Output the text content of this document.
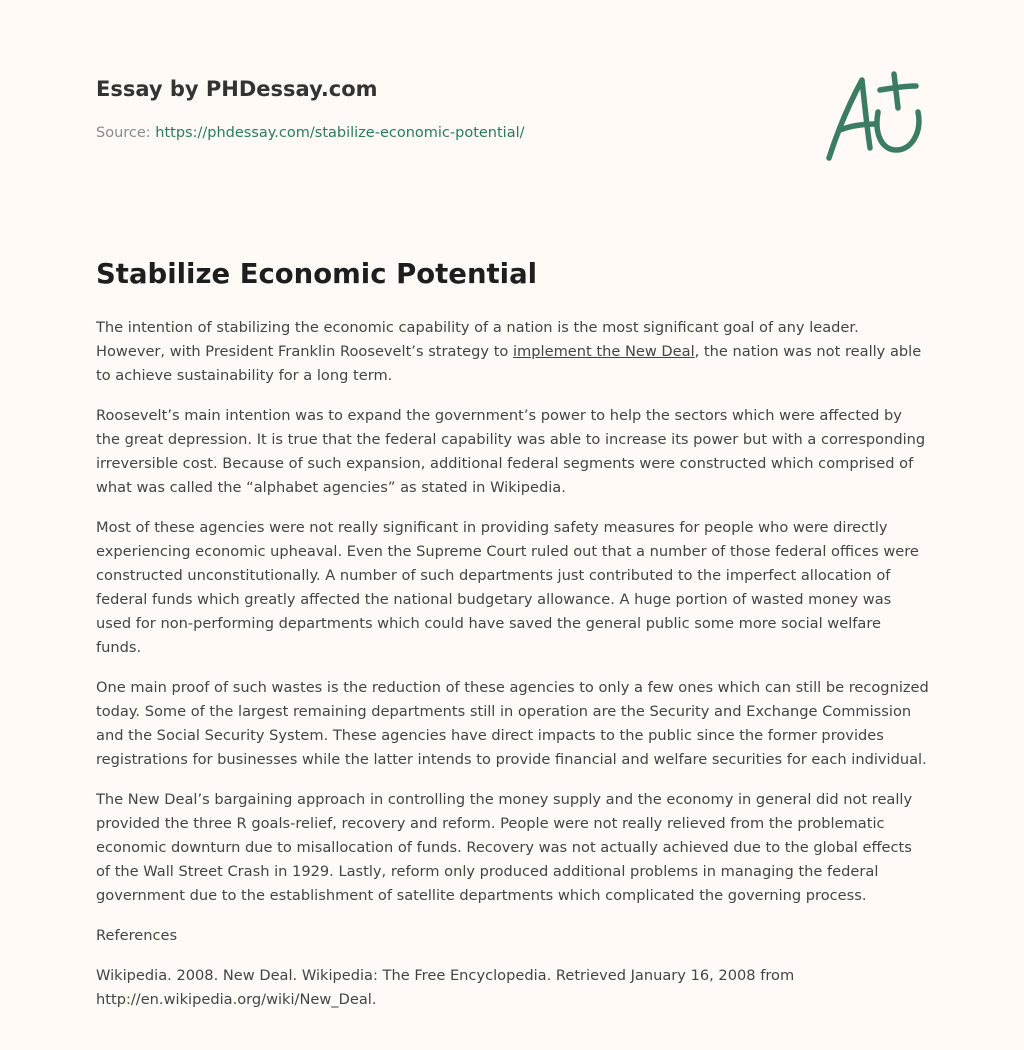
Essay by PHDessay.com
Source: https://phdessay.com/stabilize-economic-potential/
Stabilize Economic Potential

The intention of stabilizing the economic capability of a nation is the most significant goal of any leader. However, with President Franklin Roosevelt’s strategy to implement the New Deal, the nation was not really able to achieve sustainability for a long term.

Roosevelt’s main intention was to expand the government’s power to help the sectors which were affected by the great depression. It is true that the federal capability was able to increase its power but with a corresponding irreversible cost. Because of such expansion, additional federal segments were constructed which comprised of what was called the “alphabet agencies” as stated in Wikipedia.

Most of these agencies were not really significant in providing safety measures for people who were directly experiencing economic upheaval. Even the Supreme Court ruled out that a number of those federal offices were constructed unconstitutionally. A number of such departments just contributed to the imperfect allocation of federal funds which greatly affected the national budgetary allowance. A huge portion of wasted money was used for non-performing departments which could have saved the general public some more social welfare funds.

One main proof of such wastes is the reduction of these agencies to only a few ones which can still be recognized today. Some of the largest remaining departments still in operation are the Security and Exchange Commission and the Social Security System. These agencies have direct impacts to the public since the former provides registrations for businesses while the latter intends to provide financial and welfare securities for each individual.

The New Deal’s bargaining approach in controlling the money supply and the economy in general did not really provided the three R goals-relief, recovery and reform. People were not really relieved from the problematic economic downturn due to misallocation of funds. Recovery was not actually achieved due to the global effects of the Wall Street Crash in 1929. Lastly, reform only produced additional problems in managing the federal government due to the establishment of satellite departments which complicated the governing process.

References

Wikipedia. 2008. New Deal. Wikipedia: The Free Encyclopedia. Retrieved January 16, 2008 from http://en.wikipedia.org/wiki/New_Deal.
